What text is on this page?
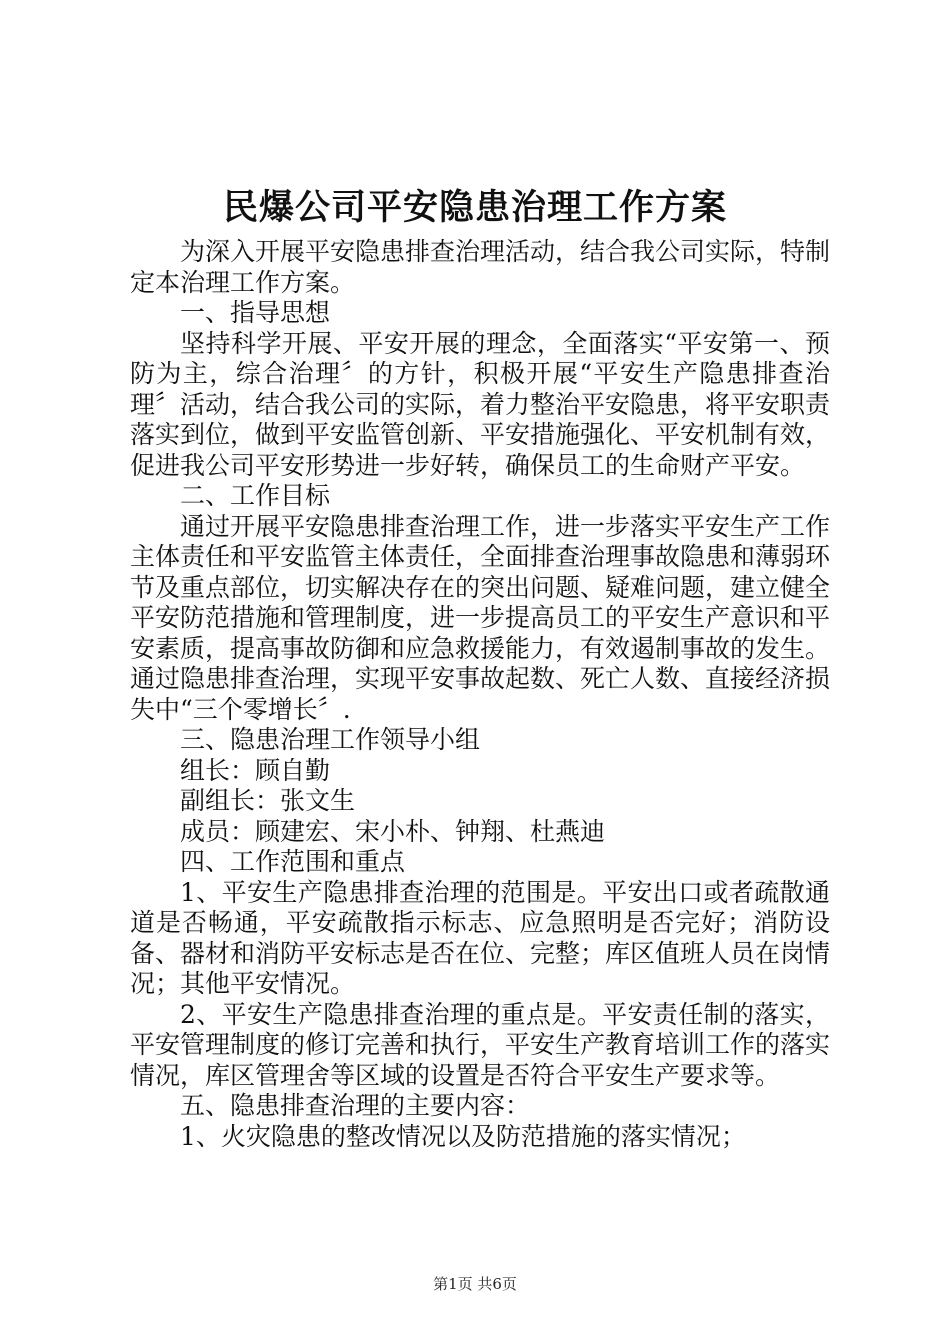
民爆公司平安隐患治理工作方案

为深入开展平安隐患排查治理活动，结合我公司实际，特制定本治理工作方案。

一、指导思想

坚持科学开展、平安开展的理念，全面落实“平安第一、预防为主，综合治理〞的方针，积极开展“平安生产隐患排查治理〞活动，结合我公司的实际，着力整治平安隐患，将平安职责落实到位，做到平安监管创新、平安措施强化、平安机制有效，促进我公司平安形势进一步好转，确保员工的生命财产平安。

二、工作目标

通过开展平安隐患排查治理工作，进一步落实平安生产工作主体责任和平安监管主体责任，全面排查治理事故隐患和薄弱环节及重点部位，切实解决存在的突出问题、疑难问题，建立健全平安防范措施和管理制度，进一步提高员工的平安生产意识和平安素质，提高事故防御和应急救援能力，有效遏制事故的发生。通过隐患排查治理，实现平安事故起数、死亡人数、直接经济损失中“三个零增长〞.

三、隐患治理工作领导小组

组长：顾自勤

副组长：张文生

成员：顾建宏、宋小朴、钟翔、杜燕迪

四、工作范围和重点

1、平安生产隐患排查治理的范围是。平安出口或者疏散通道是否畅通，平安疏散指示标志、应急照明是否完好；消防设备、器材和消防平安标志是否在位、完整；库区值班人员在岗情况；其他平安情况。

2、平安生产隐患排查治理的重点是。平安责任制的落实，平安管理制度的修订完善和执行，平安生产教育培训工作的落实情况，库区管理舍等区域的设置是否符合平安生产要求等。

五、隐患排查治理的主要内容：

1、火灾隐患的整改情况以及防范措施的落实情况；

第1页 共6页
